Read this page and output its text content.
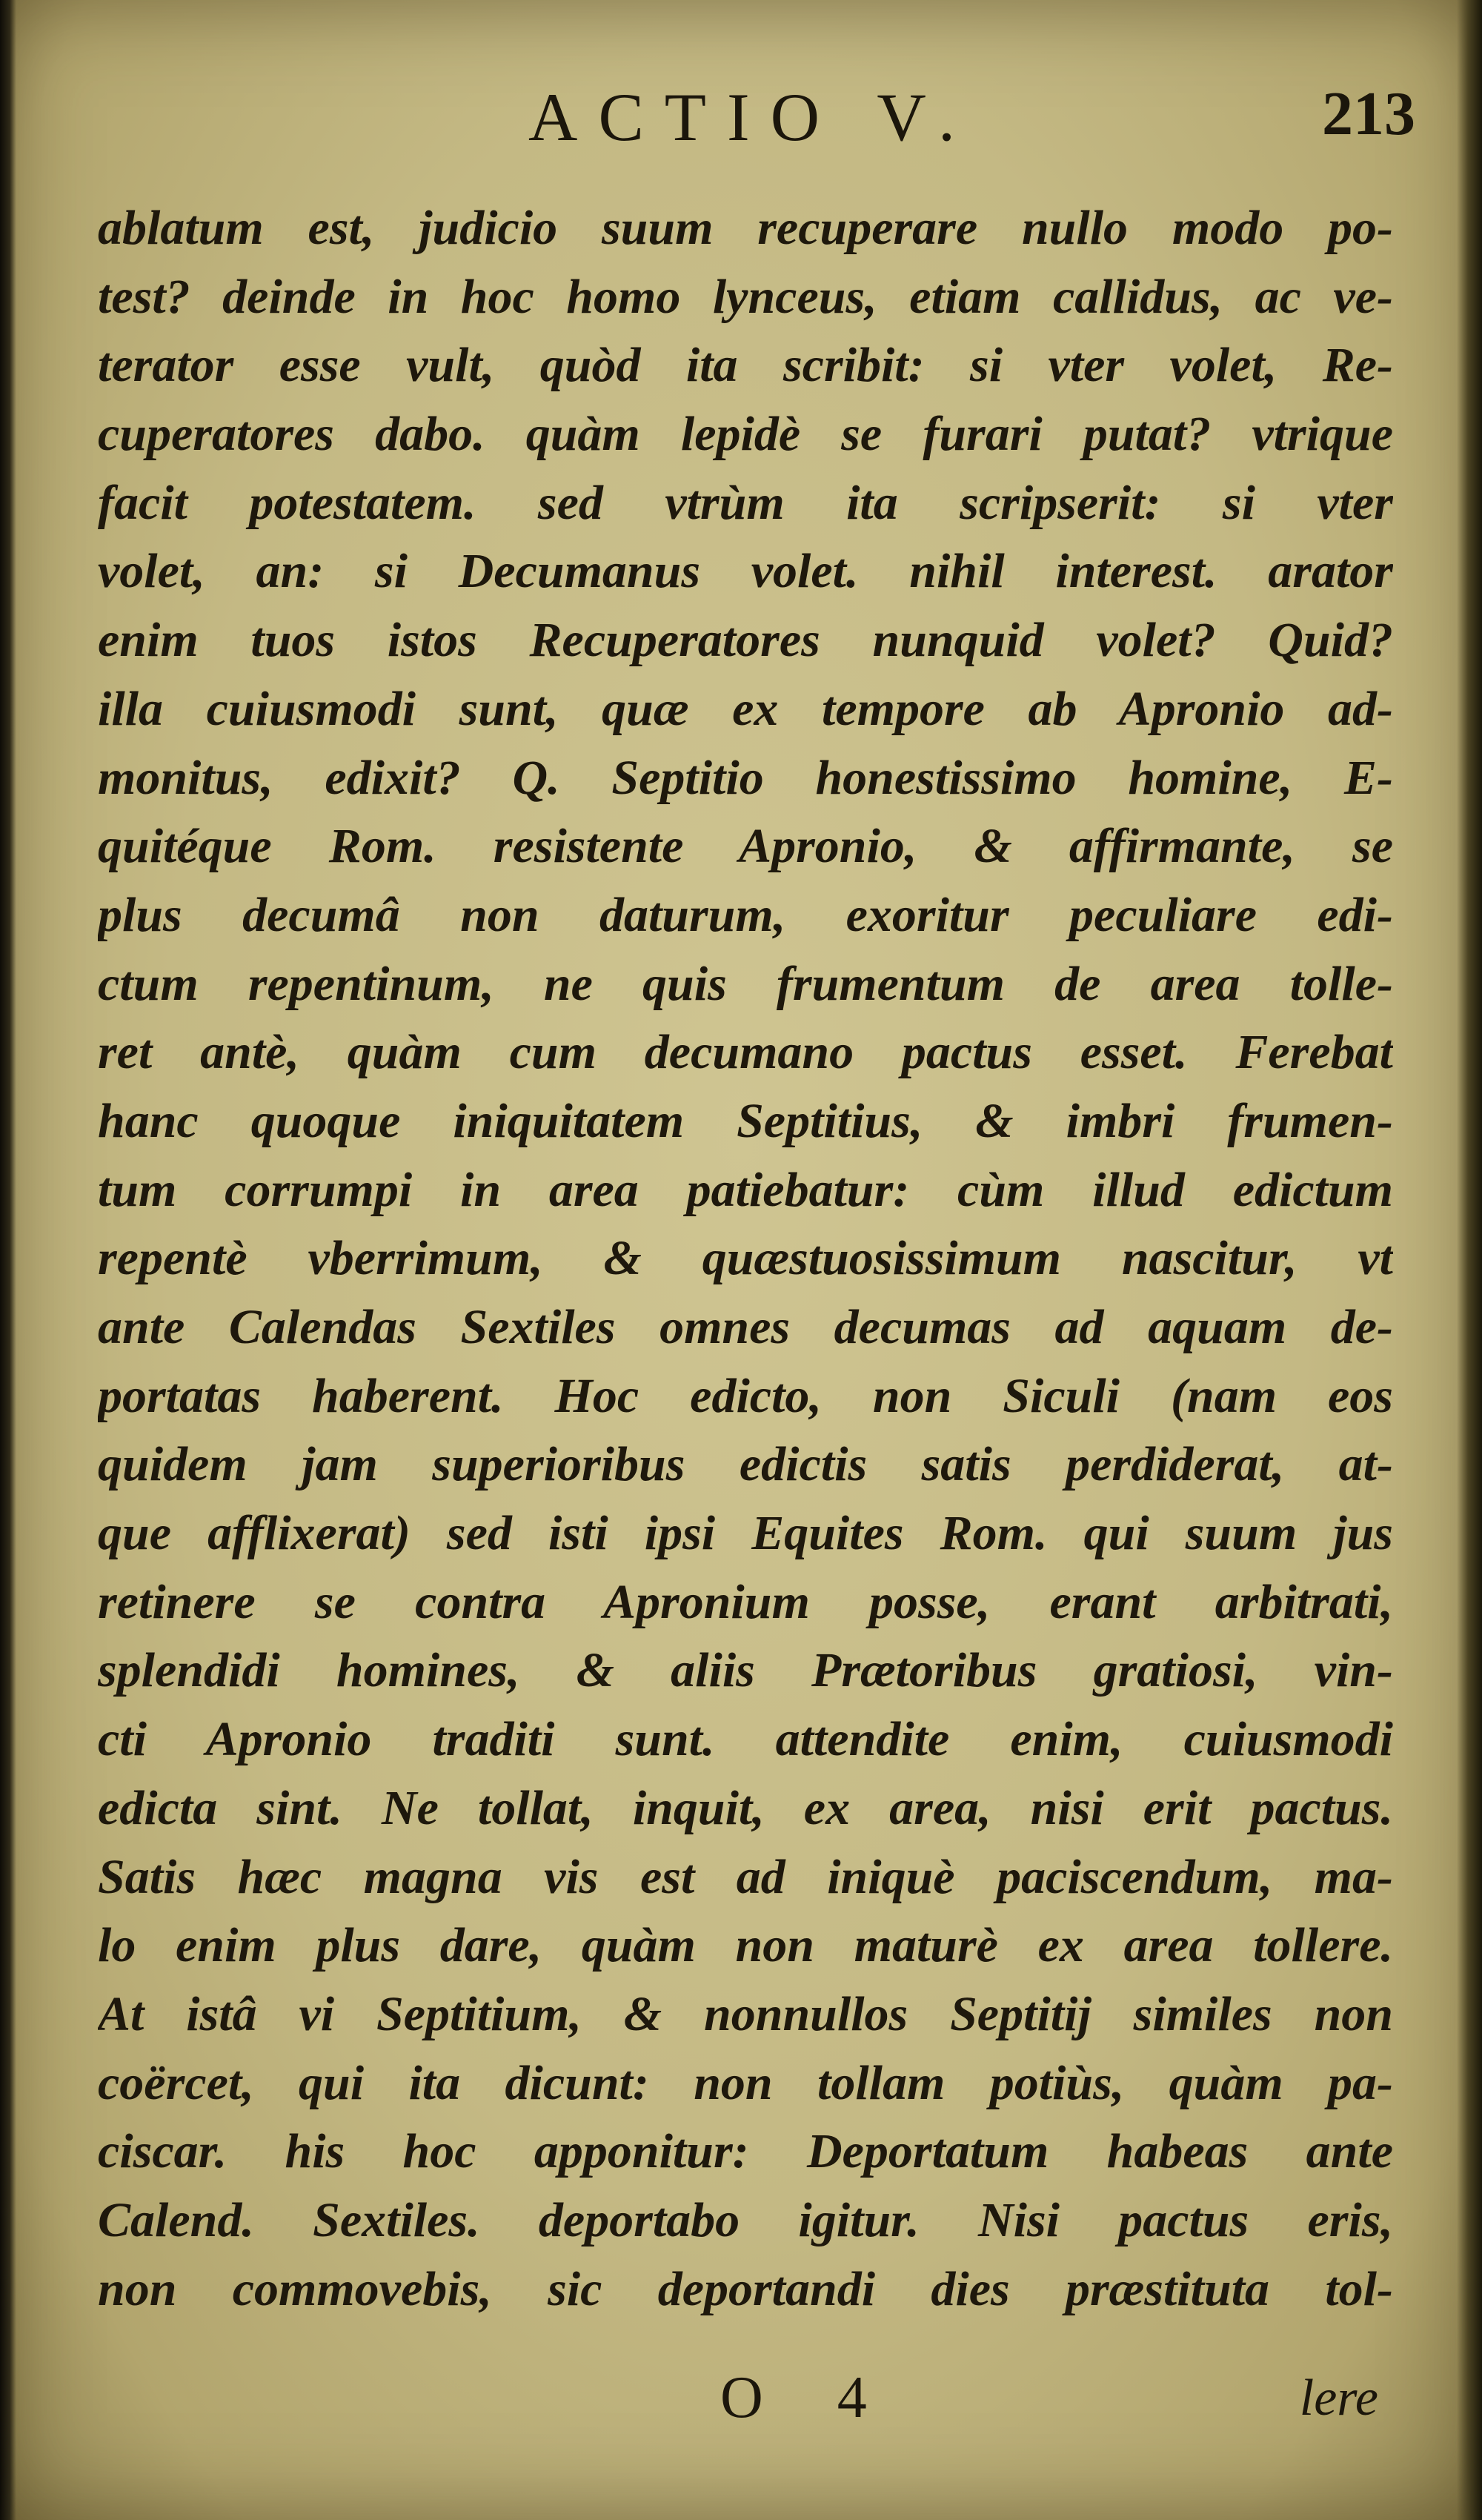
ACTIO V.	213
ablatum est, judicio suum recuperare nullo modo po-
test? deinde in hoc homo lynceus, etiam callidus, ac ve-
terator esse vult, quòd ita scribit: si vter volet, Re-
cuperatores dabo. quàm lepidè se furari putat? vtrique
facit potestatem. sed vtrùm ita scripserit: si vter
volet, an: si Decumanus volet. nihil interest. arator
enim tuos istos Recuperatores nunquid volet? Quid?
illa cuiusmodi sunt, quæ ex tempore ab Apronio ad-
monitus, edixit? Q. Septitio honestissimo homine, E-
quitéque Rom. resistente Apronio, & affirmante, se
plus decumâ non daturum, exoritur peculiare edi-
ctum repentinum, ne quis frumentum de area tolle-
ret antè, quàm cum decumano pactus esset. Ferebat
hanc quoque iniquitatem Septitius, & imbri frumen-
tum corrumpi in area patiebatur: cùm illud edictum
repentè vberrimum, & quæstuosissimum nascitur, vt
ante Calendas Sextiles omnes decumas ad aquam de-
portatas haberent. Hoc edicto, non Siculi (nam eos
quidem jam superioribus edictis satis perdiderat, at-
que afflixerat) sed isti ipsi Equites Rom. qui suum jus
retinere se contra Apronium posse, erant arbitrati,
splendidi homines, & aliis Prætoribus gratiosi, vin-
cti Apronio traditi sunt. attendite enim, cuiusmodi
edicta sint. Ne tollat, inquit, ex area, nisi erit pactus.
Satis hæc magna vis est ad iniquè paciscendum, ma-
lo enim plus dare, quàm non maturè ex area tollere.
At istâ vi Septitium, & nonnullos Septitij similes non
coërcet, qui ita dicunt: non tollam potiùs, quàm pa-
ciscar. his hoc apponitur: Deportatum habeas ante
Calend. Sextiles. deportabo igitur. Nisi pactus eris,
non commovebis, sic deportandi dies præstituta tol-
O 4	lere
